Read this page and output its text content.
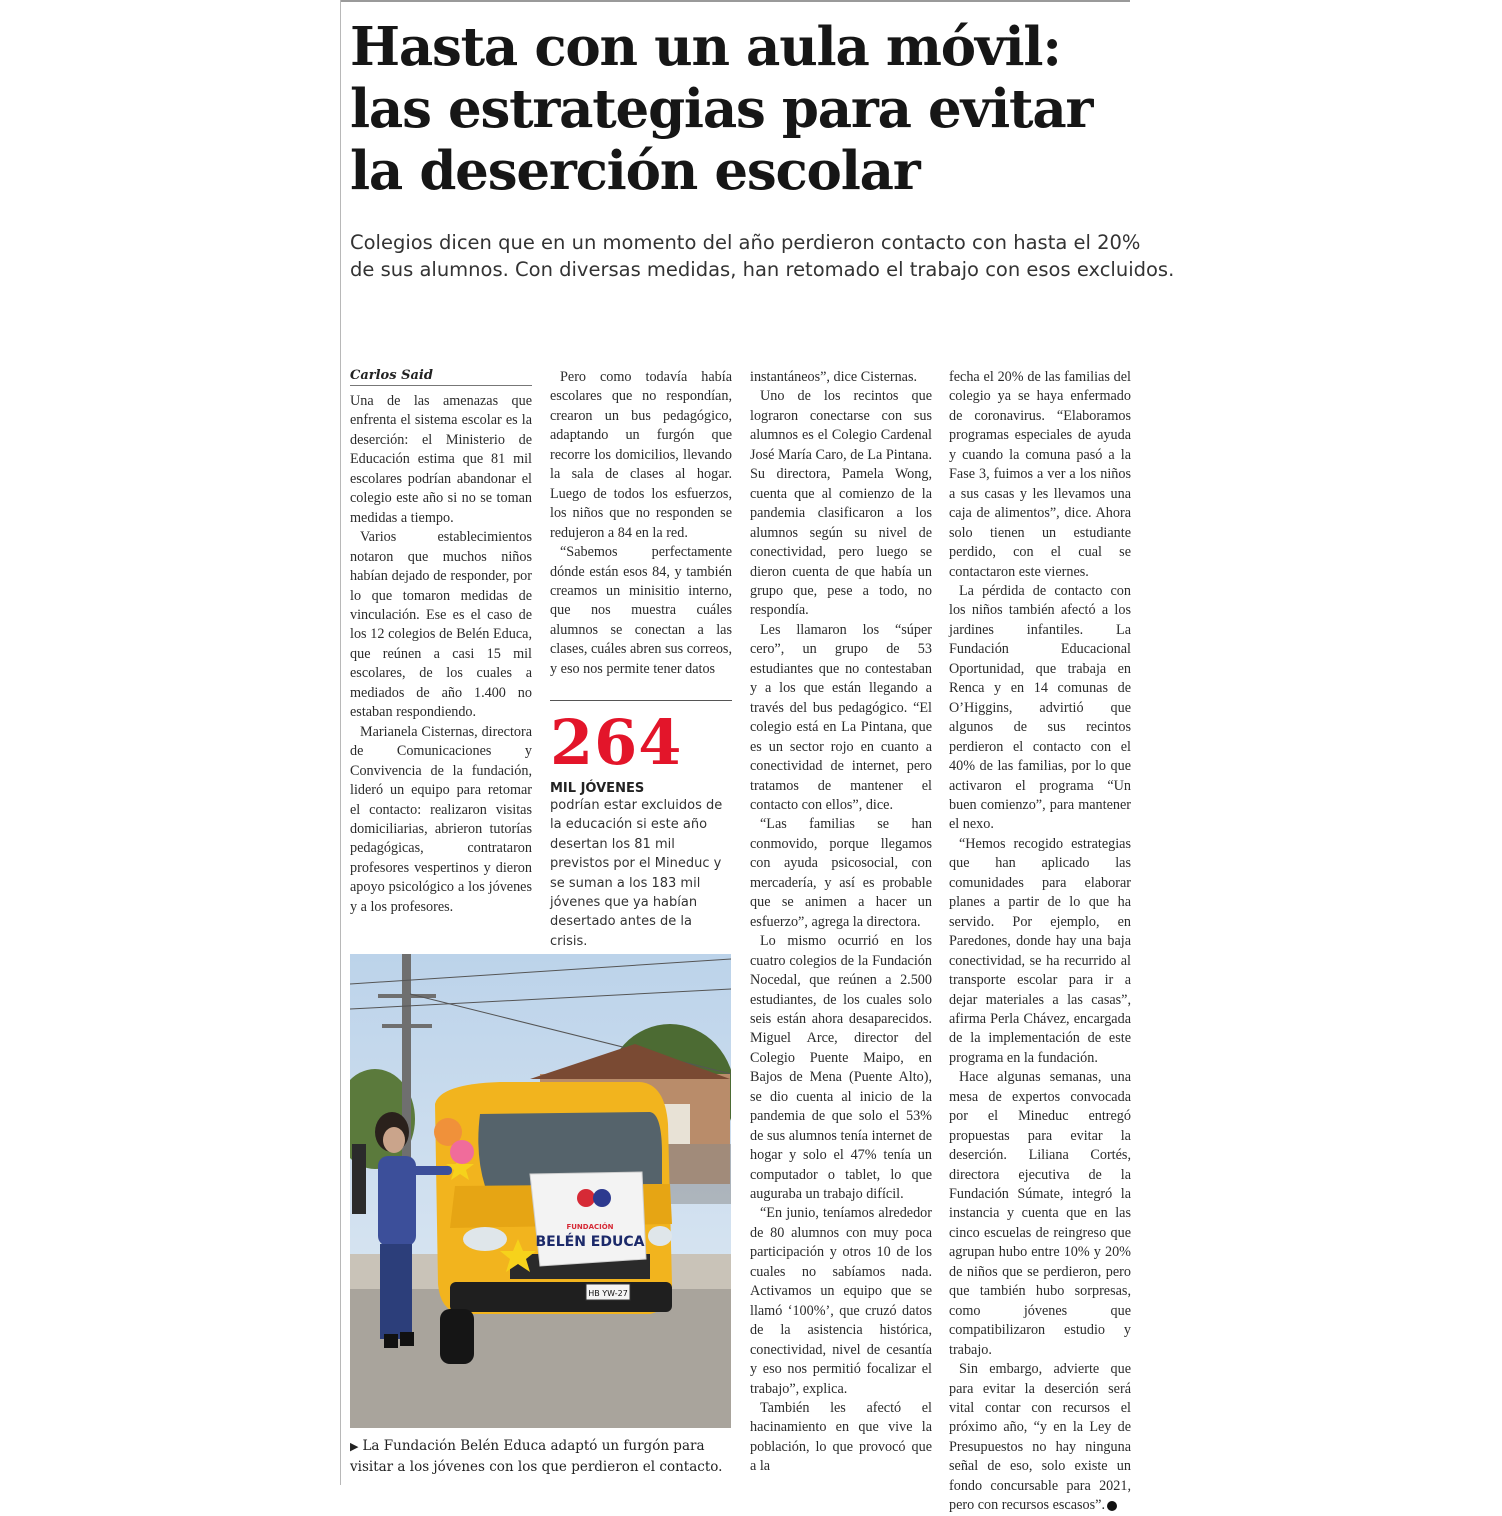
Hasta con un aula móvil:
las estrategias para evitar
la deserción escolar

Colegios dicen que en un momento del año perdieron contacto con hasta el 20%
de sus alumnos. Con diversas medidas, han retomado el trabajo con esos excluidos.

Carlos Said

Una de las amenazas que enfrenta el sistema escolar es la deserción: el Ministerio de Educación estima que 81 mil escolares podrían abandonar el colegio este año si no se toman medidas a tiempo.

Varios establecimientos notaron que muchos niños habían dejado de responder, por lo que tomaron medidas de vinculación. Ese es el caso de los 12 colegios de Belén Educa, que reúnen a casi 15 mil escolares, de los cuales a mediados de año 1.400 no estaban respondiendo.

Marianela Cisternas, directora de Comunicaciones y Convivencia de la fundación, lideró un equipo para retomar el contacto: realizaron visitas domiciliarias, abrieron tutorías pedagógicas, contrataron profesores vespertinos y dieron apoyo psicológico a los jóvenes y a los profesores.

Pero como todavía había escolares que no respondían, crearon un bus pedagógico, adaptando un furgón que recorre los domicilios, llevando la sala de clases al hogar. Luego de todos los esfuerzos, los niños que no responden se redujeron a 84 en la red.

“Sabemos perfectamente dónde están esos 84, y también creamos un minisitio interno, que nos muestra cuáles alumnos se conectan a las clases, cuáles abren sus correos, y eso nos permite tener datos

264
MIL JÓVENES
podrían estar excluidos de la educación si este año desertan los 81 mil previstos por el Mineduc y se suman a los 183 mil jóvenes que ya habían desertado antes de la crisis.

instantáneos”, dice Cisternas.

Uno de los recintos que lograron conectarse con sus alumnos es el Colegio Cardenal José María Caro, de La Pintana. Su directora, Pamela Wong, cuenta que al comienzo de la pandemia clasificaron a los alumnos según su nivel de conectividad, pero luego se dieron cuenta de que había un grupo que, pese a todo, no respondía.

Les llamaron los “súper cero”, un grupo de 53 estudiantes que no contestaban y a los que están llegando a través del bus pedagógico. “El colegio está en La Pintana, que es un sector rojo en cuanto a conectividad de internet, pero tratamos de mantener el contacto con ellos”, dice.

“Las familias se han conmovido, porque llegamos con ayuda psicosocial, con mercadería, y así es probable que se animen a hacer un esfuerzo”, agrega la directora.

Lo mismo ocurrió en los cuatro colegios de la Fundación Nocedal, que reúnen a 2.500 estudiantes, de los cuales solo seis están ahora desaparecidos. Miguel Arce, director del Colegio Puente Maipo, en Bajos de Mena (Puente Alto), se dio cuenta al inicio de la pandemia de que solo el 53% de sus alumnos tenía internet de hogar y solo el 47% tenía un computador o tablet, lo que auguraba un trabajo difícil.

“En junio, teníamos alrededor de 80 alumnos con muy poca participación y otros 10 de los cuales no sabíamos nada. Activamos un equipo que se llamó ‘100%’, que cruzó datos de la asistencia histórica, conectividad, nivel de cesantía y eso nos permitió focalizar el trabajo”, explica.

También les afectó el hacinamiento en que vive la población, lo que provocó que a la

fecha el 20% de las familias del colegio ya se haya enfermado de coronavirus. “Elaboramos programas especiales de ayuda y cuando la comuna pasó a la Fase 3, fuimos a ver a los niños a sus casas y les llevamos una caja de alimentos”, dice. Ahora solo tienen un estudiante perdido, con el cual se contactaron este viernes.

La pérdida de contacto con los niños también afectó a los jardines infantiles. La Fundación Educacional Oportunidad, que trabaja en Renca y en 14 comunas de O’Higgins, advirtió que algunos de sus recintos perdieron el contacto con el 40% de las familias, por lo que activaron el programa “Un buen comienzo”, para mantener el nexo.

“Hemos recogido estrategias que han aplicado las comunidades para elaborar planes a partir de lo que ha servido. Por ejemplo, en Paredones, donde hay una baja conectividad, se ha recurrido al transporte escolar para ir a dejar materiales a las casas”, afirma Perla Chávez, encargada de la implementación de este programa en la fundación.

Hace algunas semanas, una mesa de expertos convocada por el Mineduc entregó propuestas para evitar la deserción. Liliana Cortés, directora ejecutiva de la Fundación Súmate, integró la instancia y cuenta que en las cinco escuelas de reingreso que agrupan hubo entre 10% y 20% de niños que se perdieron, pero que también hubo sorpresas, como jóvenes que compatibilizaron estudio y trabajo.

Sin embargo, advierte que para evitar la deserción será vital contar con recursos el próximo año, “y en la Ley de Presupuestos no hay ninguna señal de eso, solo existe un fondo concursable para 2021, pero con recursos escasos”.

HB YW-27
FUNDACIÓN
BELÉN EDUCA
▶ La Fundación Belén Educa adaptó un furgón para visitar a los jóvenes con los que perdieron el contacto.
